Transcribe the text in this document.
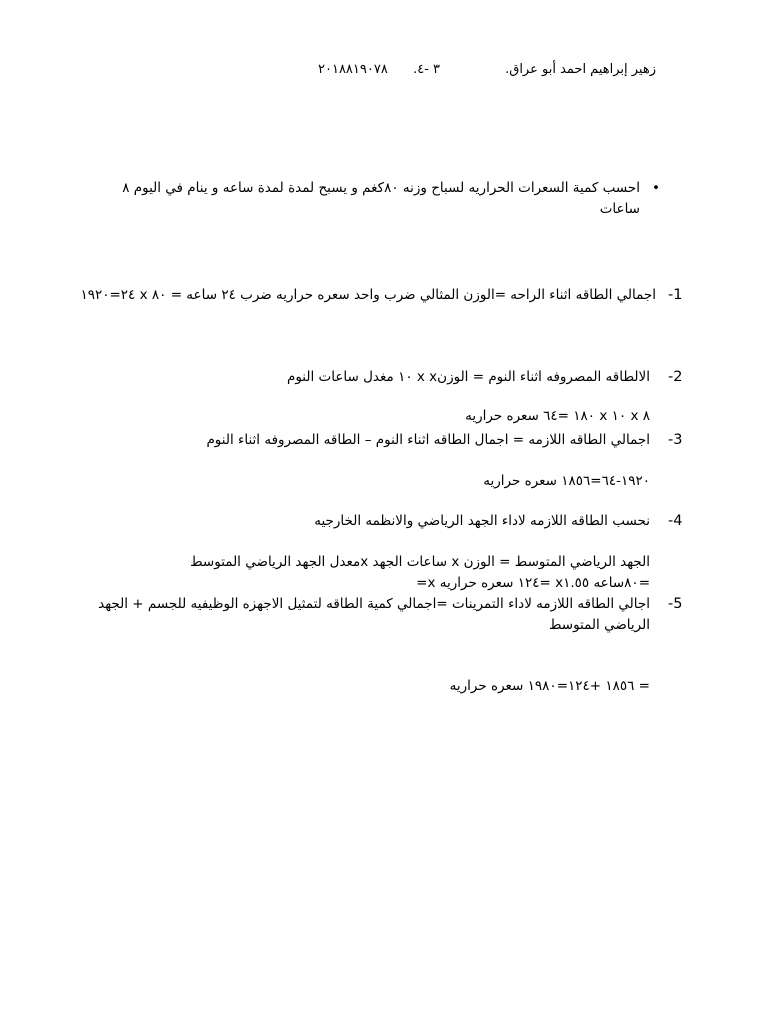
زهير إبراهيم احمد أبو عراق.
٣ -٤.
٢٠١٨٨١٩٠٧٨
•
احسب كمية السعرات الحراريه لسباح وزنه ٨٠كغم و يسبح لمدة لمدة ساعه و ينام في اليوم ٨ ساعات
-1
اجمالي الطاقه اثناء الراحه =الوزن المثالي ضرب واحد سعره حراريه ضرب ٢٤ ساعه = ٨٠ x ٢٤=١٩٢٠
-2
الالطاقه المصروفه اثناء النوم = الوزنx x ١٠ مغدل ساعات النوم
٨ x ١٠ x ١٨٠ =٦٤ سعره حراريه
-3
اجمالي الطاقه اللازمه = اجمال الطاقه اثناء النوم – الطاقه المصروفه اثناء النوم
١٩٢٠-٦٤=١٨٥٦ سعره حراريه
-4
نحسب الطاقه اللازمه لاداء الجهد الرياضي والانظمه الخارجيه
الجهد الرياضي المتوسط = الوزن x ساعات الجهد xمعدل الجهد الرياضي المتوسط
=٨٠ساعه x١.٥٥ =١٢٤ سعره حراريه x=
-5
اجالي الطاقه اللازمه لاداء التمرينات =اجمالي كمية الطاقه لتمثيل الاجهزه الوظيفيه للجسم + الجهد الرياضي المتوسط
= ١٨٥٦ +١٢٤=١٩٨٠ سعره حراريه
